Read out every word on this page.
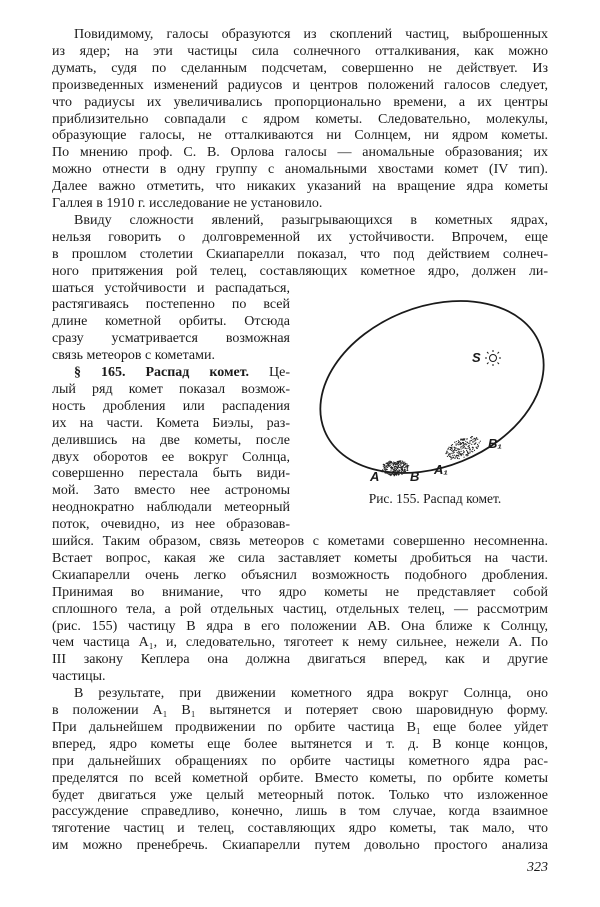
Повидимому, галосы образуются из скоплений частиц, выброшенных
из ядер; на эти частицы сила солнечного отталкивания, как можно
думать, судя по сделанным подсчетам, совершенно не действует. Из
произведенных изменений радиусов и центров положений галосов следует,
что радиусы их увеличивались пропорционально времени, а их центры
приблизительно совпадали с ядром кометы. Следовательно, молекулы,
образующие галосы, не отталкиваются ни Солнцем, ни ядром кометы.
По мнению проф. С. В. Орлова галосы — аномальные образования; их
можно отнести в одну группу с аномальными хвостами комет (IV тип).
Далее важно отметить, что никаких указаний на вращение ядра кометы
Галлея в 1910 г. исследование не установило.
Ввиду сложности явлений, разыгрывающихся в кометных ядрах,
нельзя говорить о долговременной их устойчивости. Впрочем, еще
в прошлом столетии Скиапарелли показал, что под действием солнеч-
ного притяжения рой телец, составляющих кометное ядро, должен ли-
шаться устойчивости и распадаться,
растягиваясь постепенно по всей
длине кометной орбиты. Отсюда
сразу усматривается возможная
связь метеоров с кометами.
§ 165. Распад комет. Це-
лый ряд комет показал возмож-
ность дробления или распадения
их на части. Комета Биэлы, раз-
делившись на две кометы, после
двух оборотов ее вокруг Солнца,
совершенно перестала быть види-
мой. Зато вместо нее астрономы
неоднократно наблюдали метеорный
поток, очевидно, из нее образовав-
шийся. Таким образом, связь метеоров с кометами совершенно несомненна.
Встает вопрос, какая же сила заставляет кометы дробиться на части.
Скиапарелли очень легко объяснил возможность подобного дробления.
Принимая во внимание, что ядро кометы не представляет собой
сплошного тела, а рой отдельных частиц, отдельных телец, — рассмотрим
(рис. 155) частицу B ядра в его положении AB. Она ближе к Солнцу,
чем частица A₁, и, следовательно, тяготеет к нему сильнее, нежели A. По
III закону Кеплера она должна двигаться вперед, как и другие
частицы.
В результате, при движении кометного ядра вокруг Солнца, оно
в положении A₁ B₁ вытянется и потеряет свою шаровидную форму.
При дальнейшем продвижении по орбите частица B₁ еще более уйдет
вперед, ядро кометы еще более вытянется и т. д. В конце концов,
при дальнейших обращениях по орбите частицы кометного ядра рас-
пределятся по всей кометной орбите. Вместо кометы, по орбите кометы
будет двигаться уже целый метеорный поток. Только что изложенное
рассуждение справедливо, конечно, лишь в том случае, когда взаимное
тяготение частиц и телец, составляющих ядро кометы, так мало, что
им можно пренебречь. Скиапарелли путем довольно простого анализа
S
A B A₁
B₁
Рис. 155. Распад комет.
323
